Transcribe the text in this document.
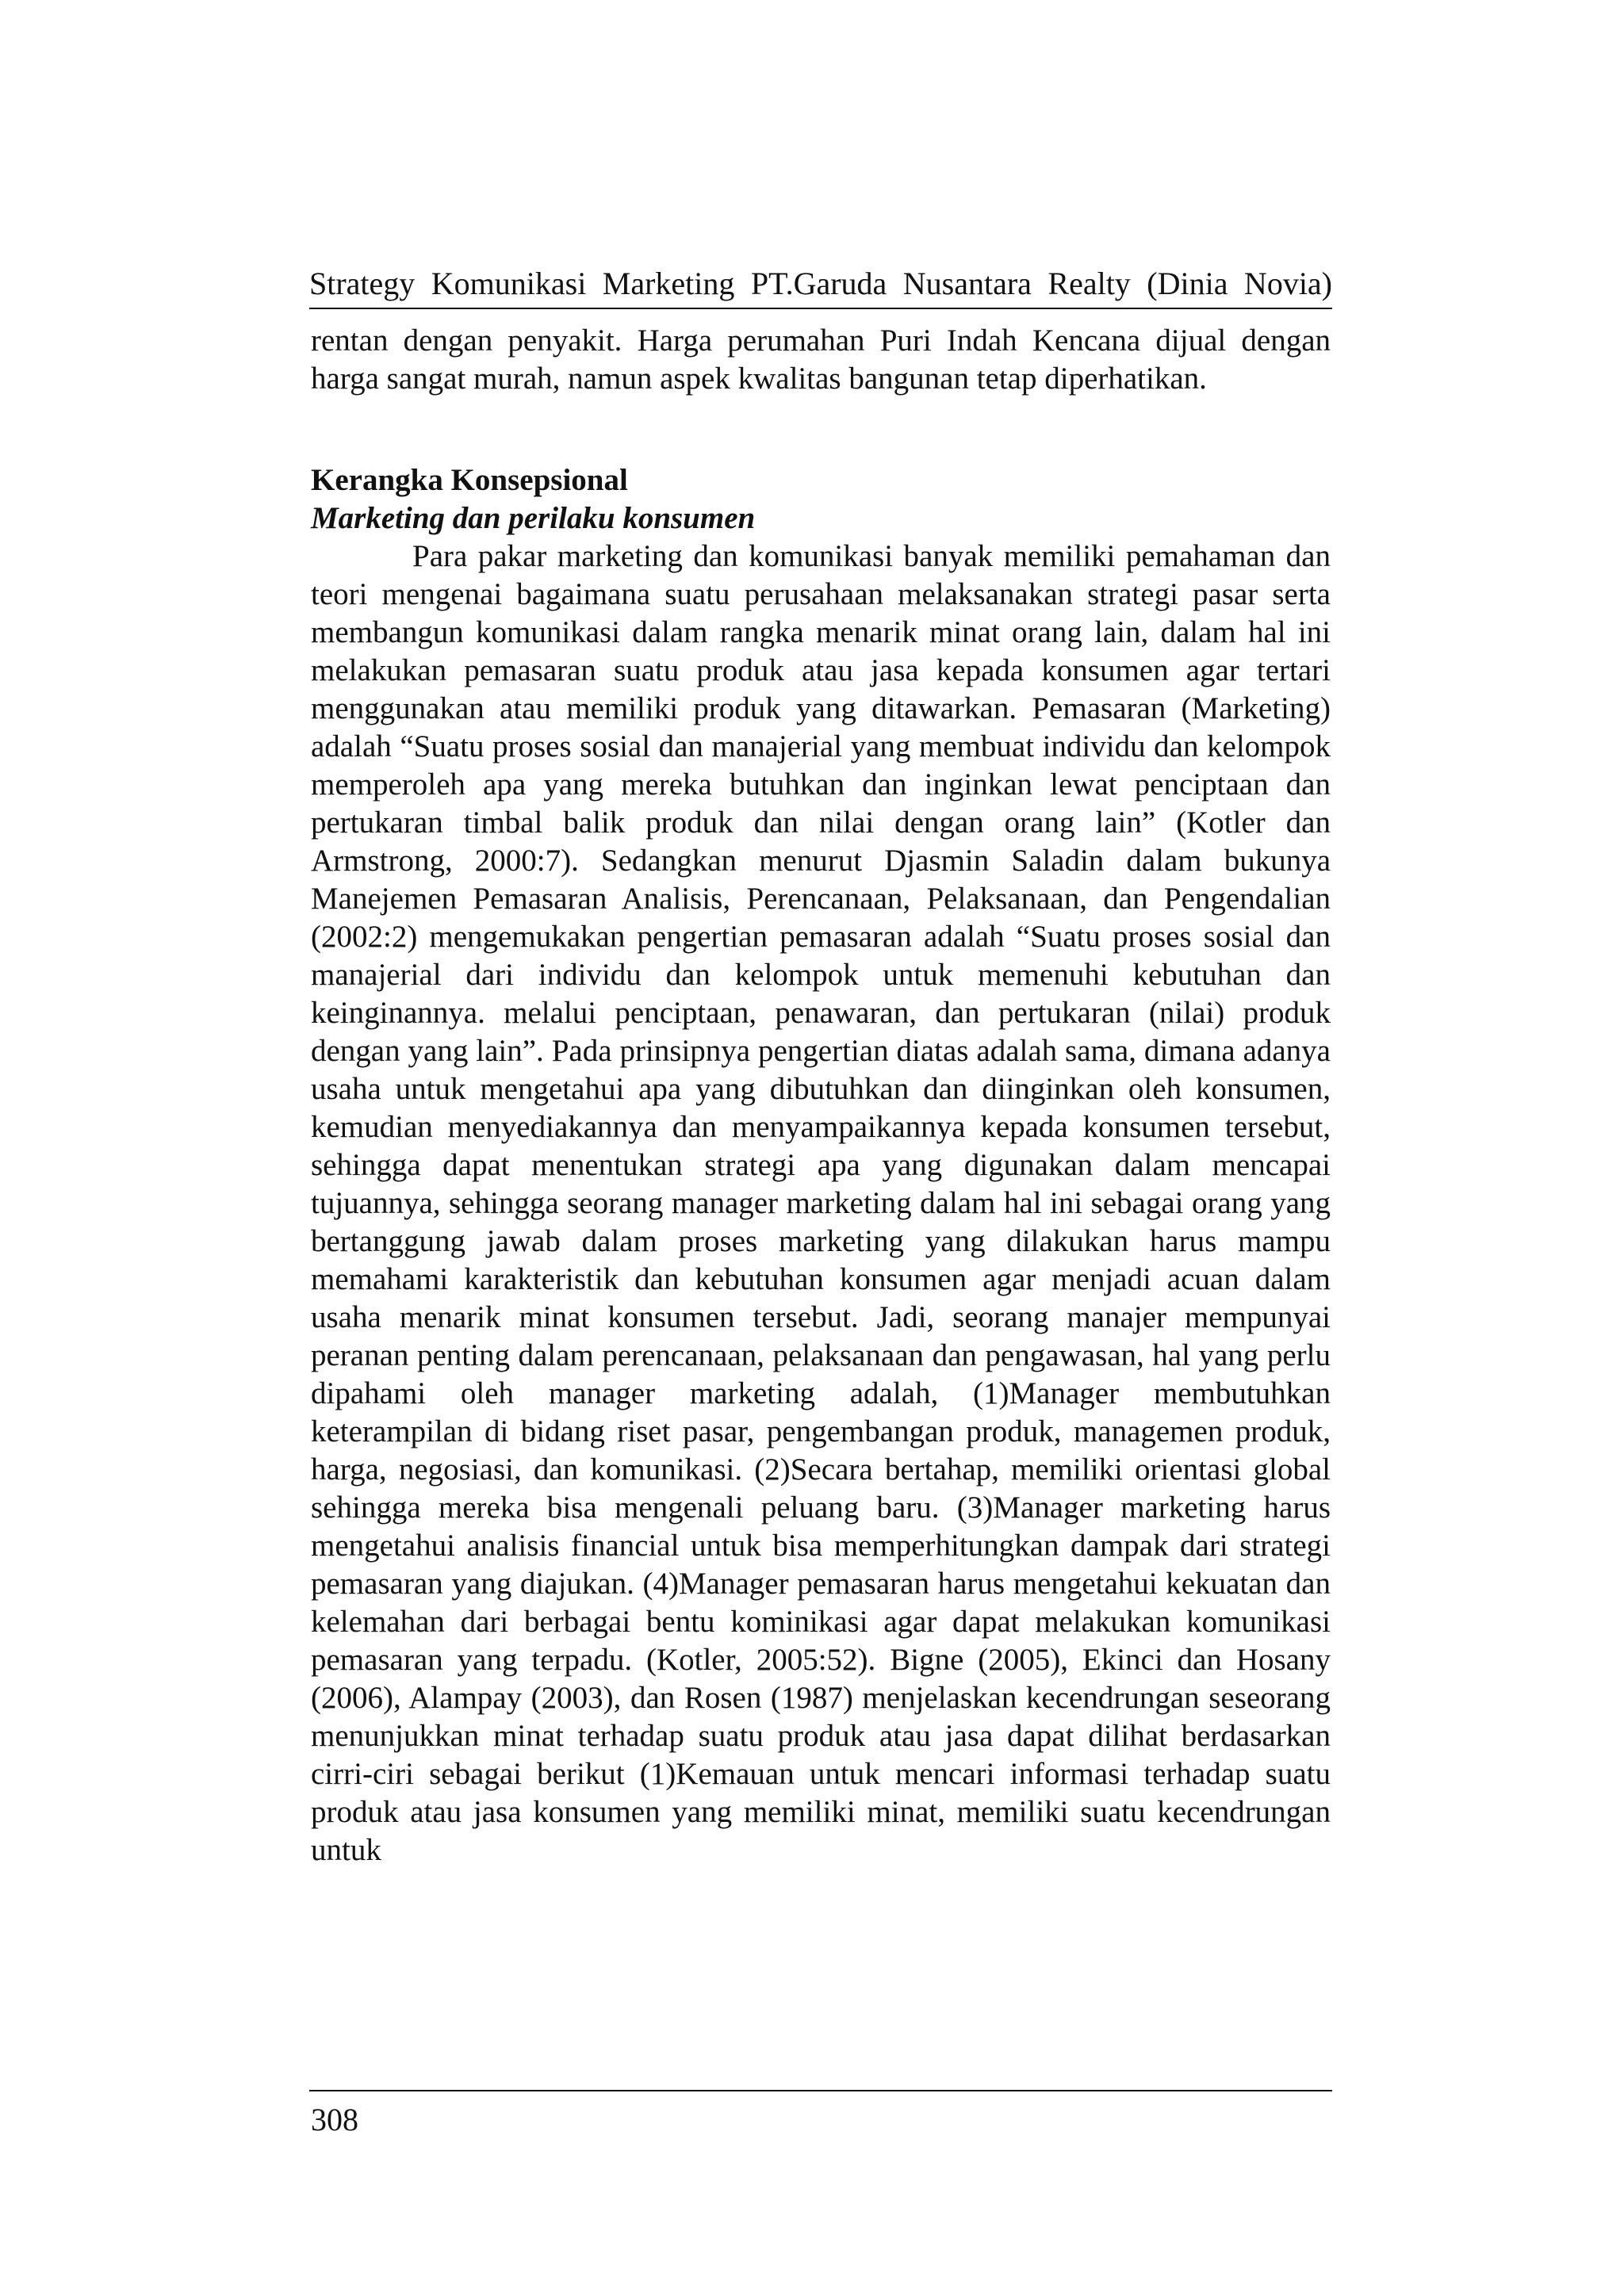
Strategy Komunikasi Marketing PT.Garuda Nusantara Realty (Dinia Novia)

rentan dengan penyakit. Harga perumahan Puri Indah Kencana dijual dengan harga sangat murah, namun aspek kwalitas bangunan tetap diperhatikan.

Kerangka Konsepsional
Marketing dan perilaku konsumen

Para pakar marketing dan komunikasi banyak memiliki pemahaman dan teori mengenai bagaimana suatu perusahaan melaksanakan strategi pasar serta membangun komunikasi dalam rangka menarik minat orang lain, dalam hal ini melakukan pemasaran suatu produk atau jasa kepada konsumen agar tertari menggunakan atau memiliki produk yang ditawarkan. Pemasaran (Marketing) adalah “Suatu proses sosial dan manajerial yang membuat individu dan kelompok memperoleh apa yang mereka butuhkan dan inginkan lewat penciptaan dan pertukaran timbal balik produk dan nilai dengan orang lain” (Kotler dan Armstrong, 2000:7). Sedangkan menurut Djasmin Saladin dalam bukunya Manejemen Pemasaran Analisis, Perencanaan, Pelaksanaan, dan Pengendalian (2002:2) mengemukakan pengertian pemasaran adalah “Suatu proses sosial dan manajerial dari individu dan kelompok untuk memenuhi kebutuhan dan keinginannya. melalui penciptaan, penawaran, dan pertukaran (nilai) produk dengan yang lain”. Pada prinsipnya pengertian diatas adalah sama, dimana adanya usaha untuk mengetahui apa yang dibutuhkan dan diinginkan oleh konsumen, kemudian menyediakannya dan menyampaikannya kepada konsumen tersebut, sehingga dapat menentukan strategi apa yang digunakan dalam mencapai tujuannya, sehingga seorang manager marketing dalam hal ini sebagai orang yang bertanggung jawab dalam proses marketing yang dilakukan harus mampu memahami karakteristik dan kebutuhan konsumen agar menjadi acuan dalam usaha menarik minat konsumen tersebut. Jadi, seorang manajer mempunyai peranan penting dalam perencanaan, pelaksanaan dan pengawasan, hal yang perlu dipahami oleh manager marketing adalah, (1)Manager membutuhkan keterampilan di bidang riset pasar, pengembangan produk, managemen produk, harga, negosiasi, dan komunikasi. (2)Secara bertahap, memiliki orientasi global sehingga mereka bisa mengenali peluang baru. (3)Manager marketing harus mengetahui analisis financial untuk bisa memperhitungkan dampak dari strategi pemasaran yang diajukan. (4)Manager pemasaran harus mengetahui kekuatan dan kelemahan dari berbagai bentu kominikasi agar dapat melakukan komunikasi pemasaran yang terpadu. (Kotler, 2005:52). Bigne (2005), Ekinci dan Hosany (2006), Alampay (2003), dan Rosen (1987) menjelaskan kecendrungan seseorang menunjukkan minat terhadap suatu produk atau jasa dapat dilihat berdasarkan cirri-ciri sebagai berikut (1)Kemauan untuk mencari informasi terhadap suatu produk atau jasa konsumen yang memiliki minat, memiliki suatu kecendrungan untuk

308
